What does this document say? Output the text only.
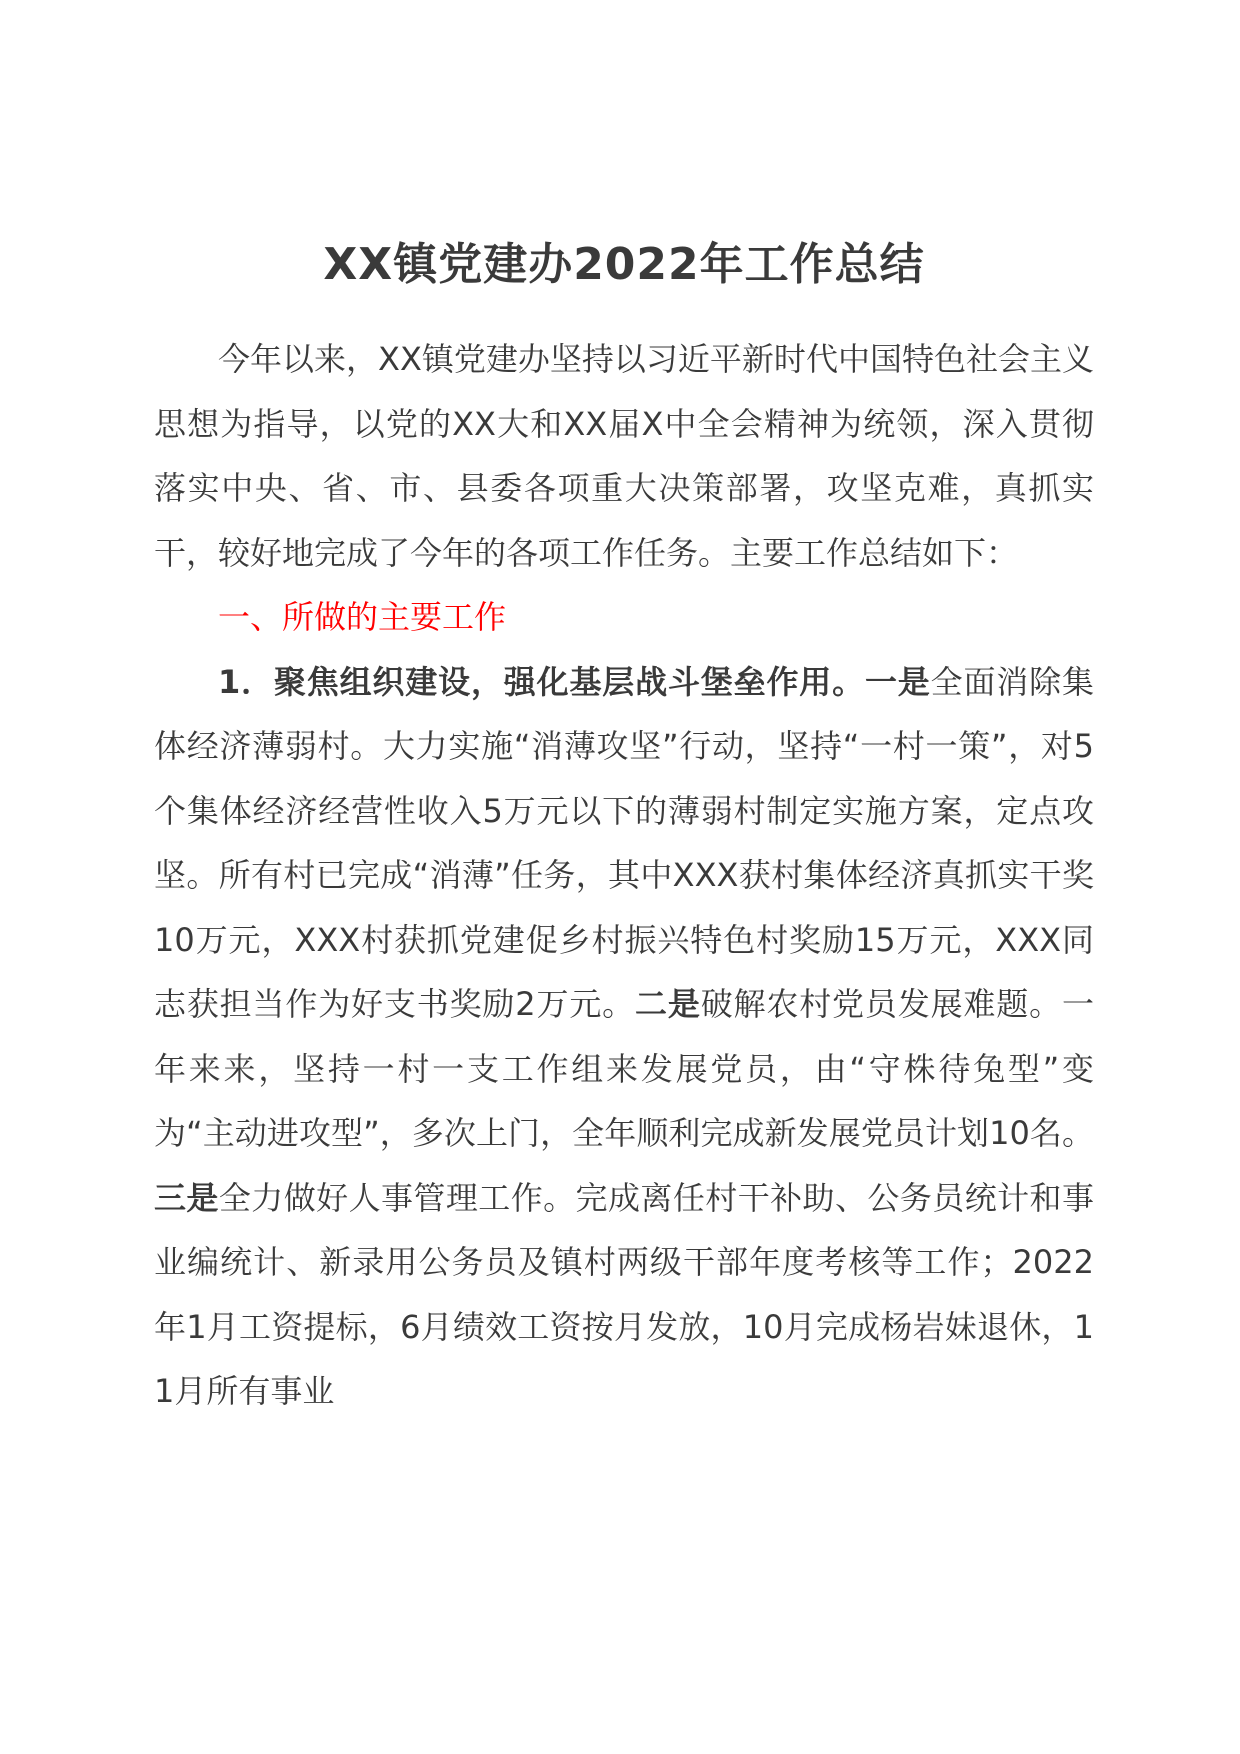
XX镇党建办2022年工作总结

今年以来，XX镇党建办坚持以习近平新时代中国特色社会主义思想为指导，以党的XX大和XX届X中全会精神为统领，深入贯彻落实中央、省、市、县委各项重大决策部署，攻坚克难，真抓实干，较好地完成了今年的各项工作任务。主要工作总结如下：

一、所做的主要工作

1．聚焦组织建设，强化基层战斗堡垒作用。一是全面消除集体经济薄弱村。大力实施“消薄攻坚”行动，坚持“一村一策”，对5个集体经济经营性收入5万元以下的薄弱村制定实施方案，定点攻坚。所有村已完成“消薄”任务，其中XXX获村集体经济真抓实干奖10万元，XXX村获抓党建促乡村振兴特色村奖励15万元，XXX同志获担当作为好支书奖励2万元。二是破解农村党员发展难题。一年来来，坚持一村一支工作组来发展党员，由“守株待兔型”变为“主动进攻型”，多次上门，全年顺利完成新发展党员计划10名。三是全力做好人事管理工作。完成离任村干补助、公务员统计和事业编统计、新录用公务员及镇村两级干部年度考核等工作；2022年1月工资提标，6月绩效工资按月发放，10月完成杨岩妹退休，11月所有事业
